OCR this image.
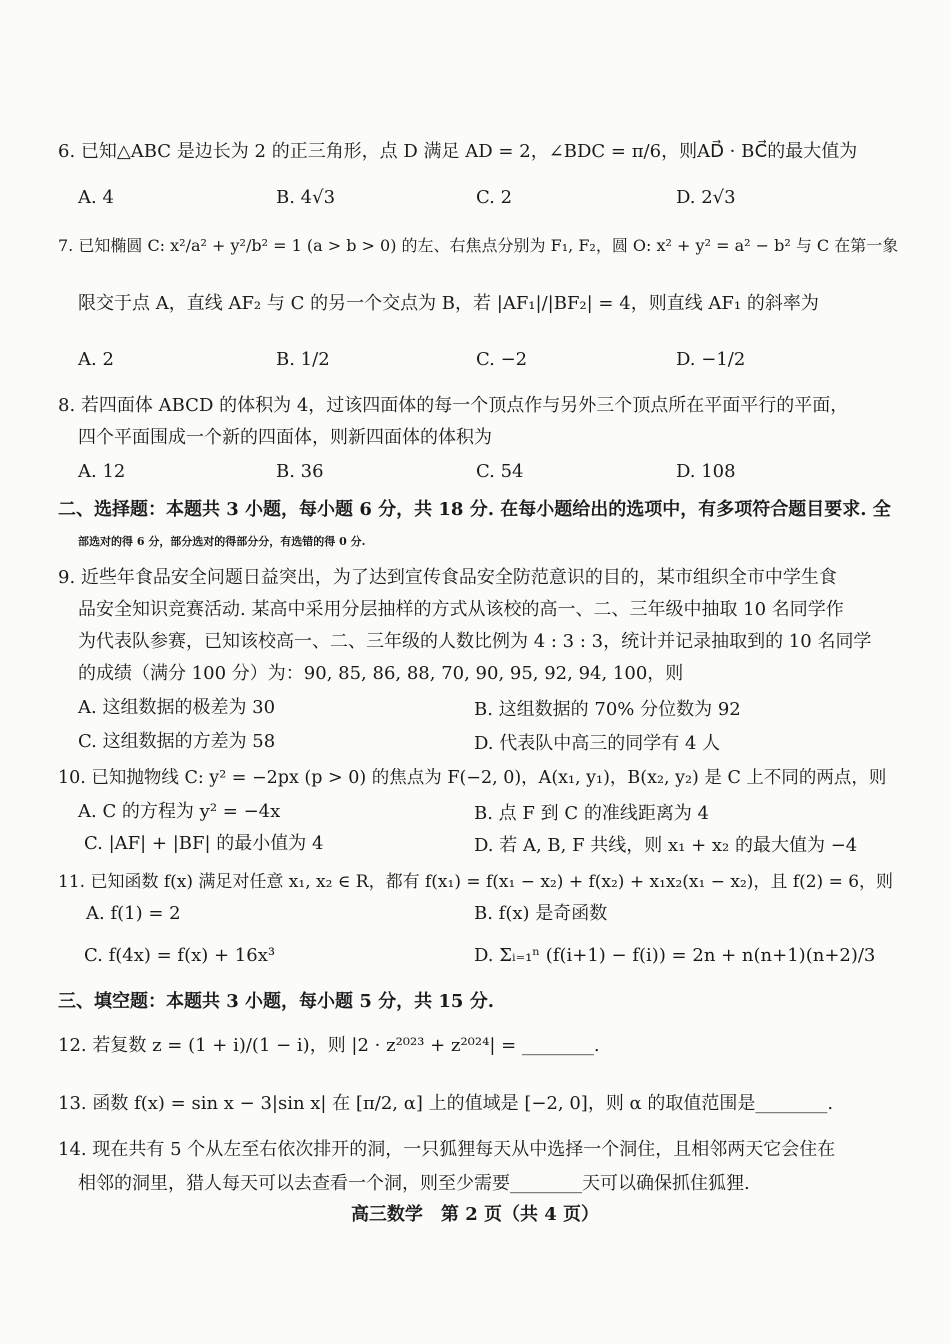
6. 已知△ABC 是边长为 2 的正三角形，点 D 满足 AD = 2，∠BDC = π/6，则AD⃗ · BC⃗的最大值为
A. 4	B. 4√3	C. 2	D. 2√3
7. 已知椭圆 C: x²/a² + y²/b² = 1 (a > b > 0) 的左、右焦点分别为 F₁, F₂，圆 O: x² + y² = a² − b² 与 C 在第一象
限交于点 A，直线 AF₂ 与 C 的另一个交点为 B，若 |AF₁|/|BF₂| = 4，则直线 AF₁ 的斜率为
A. 2	B. 1/2	C. −2	D. −1/2
8. 若四面体 ABCD 的体积为 4，过该四面体的每一个顶点作与另外三个顶点所在平面平行的平面，
四个平面围成一个新的四面体，则新四面体的体积为
A. 12	B. 36	C. 54	D. 108
二、选择题：本题共 3 小题，每小题 6 分，共 18 分. 在每小题给出的选项中，有多项符合题目要求. 全
部选对的得 6 分，部分选对的得部分分，有选错的得 0 分.
9. 近些年食品安全问题日益突出，为了达到宣传食品安全防范意识的目的，某市组织全市中学生食
品安全知识竞赛活动. 某高中采用分层抽样的方式从该校的高一、二、三年级中抽取 10 名同学作
为代表队参赛，已知该校高一、二、三年级的人数比例为 4 : 3 : 3，统计并记录抽取到的 10 名同学
的成绩（满分 100 分）为：90, 85, 86, 88, 70, 90, 95, 92, 94, 100，则
A. 这组数据的极差为 30	B. 这组数据的 70% 分位数为 92
C. 这组数据的方差为 58	D. 代表队中高三的同学有 4 人
10. 已知抛物线 C: y² = −2px (p > 0) 的焦点为 F(−2, 0)，A(x₁, y₁)，B(x₂, y₂) 是 C 上不同的两点，则
A. C 的方程为 y² = −4x	B. 点 F 到 C 的准线距离为 4
C. |AF| + |BF| 的最小值为 4	D. 若 A, B, F 共线，则 x₁ + x₂ 的最大值为 −4
11. 已知函数 f(x) 满足对任意 x₁, x₂ ∈ R，都有 f(x₁) = f(x₁ − x₂) + f(x₂) + x₁x₂(x₁ − x₂)，且 f(2) = 6，则
A. f(1) = 2	B. f(x) 是奇函数
C. f(4x) = f(x) + 16x³	D. Σᵢ₌₁ⁿ (f(i+1) − f(i)) = 2n + n(n+1)(n+2)/3
三、填空题：本题共 3 小题，每小题 5 分，共 15 分.
12. 若复数 z = (1 + i)/(1 − i)，则 |2 · z²⁰²³ + z²⁰²⁴| = ________.
13. 函数 f(x) = sin x − 3|sin x| 在 [π/2, α] 上的值域是 [−2, 0]，则 α 的取值范围是________.
14. 现在共有 5 个从左至右依次排开的洞，一只狐狸每天从中选择一个洞住，且相邻两天它会住在
相邻的洞里，猎人每天可以去查看一个洞，则至少需要________天可以确保抓住狐狸.
高三数学　第 2 页（共 4 页）
